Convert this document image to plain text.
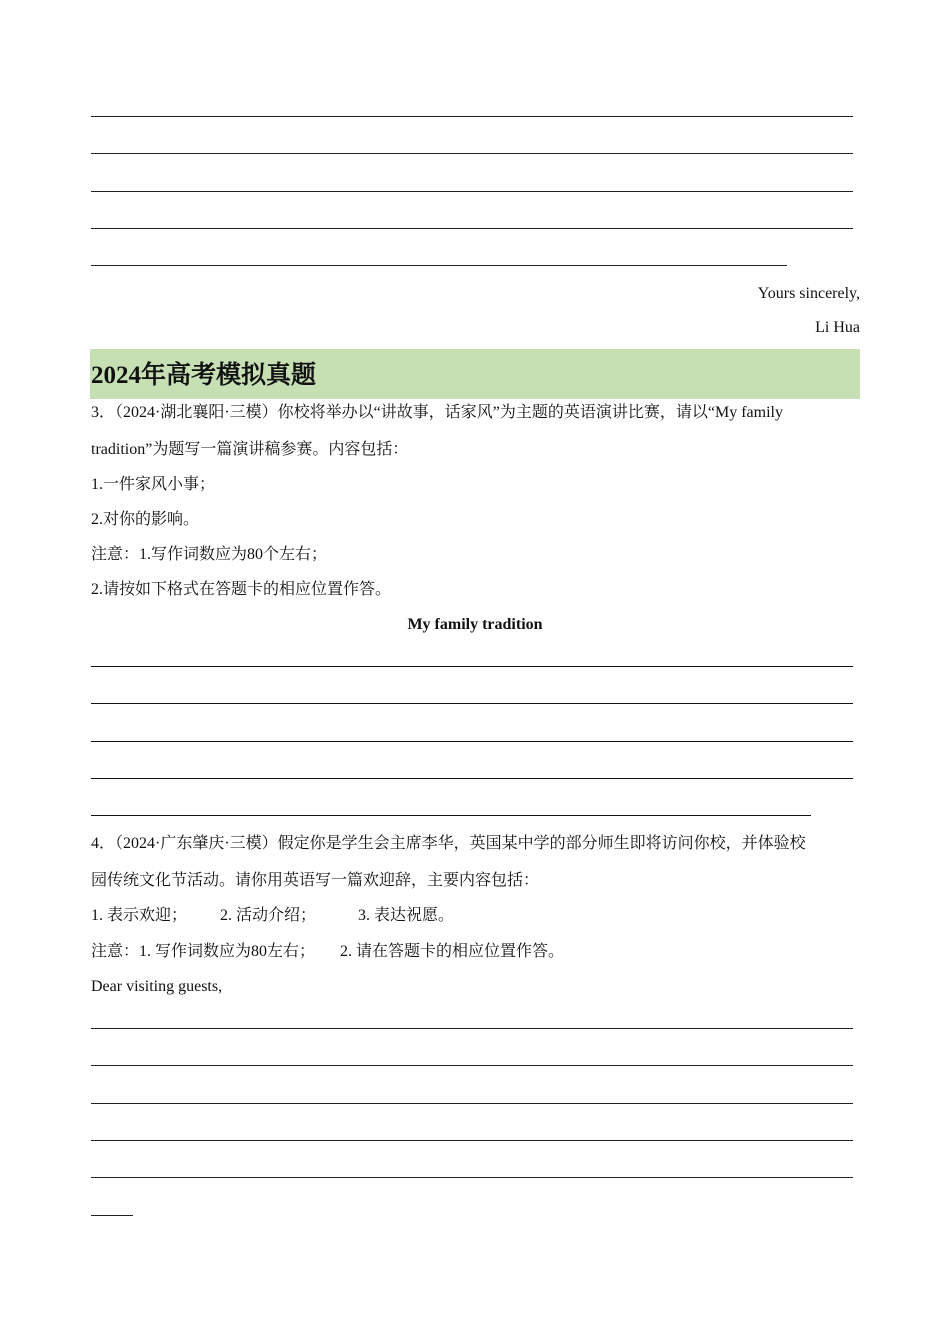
Yours sincerely,
Li Hua
2024年高考模拟真题
3．（2024·湖北襄阳·三模）你校将举办以“讲故事，话家风”为主题的英语演讲比赛，请以“My family
tradition”为题写一篇演讲稿参赛。内容包括：
1.一件家风小事；
2.对你的影响。
注意：1.写作词数应为80个左右；
2.请按如下格式在答题卡的相应位置作答。
My family tradition
4．（2024·广东肇庆·三模）假定你是学生会主席李华，英国某中学的部分师生即将访问你校，并体验校
园传统文化节活动。请你用英语写一篇欢迎辞，主要内容包括：
1. 表示欢迎； 2. 活动介绍；	3. 表达祝愿。
注意：1. 写作词数应为80左右； 2. 请在答题卡的相应位置作答。
Dear visiting guests,
